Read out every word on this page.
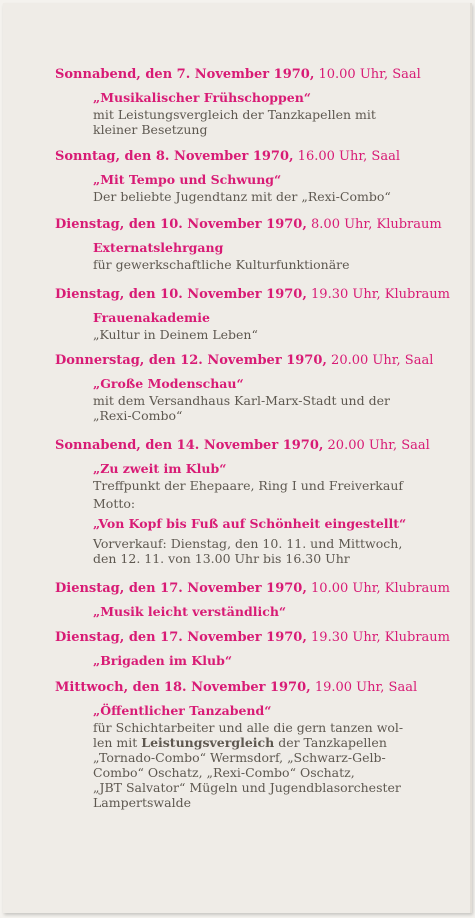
Sonnabend, den 7. November 1970, 10.00 Uhr, Saal
„Musikalischer Frühschoppen“
mit Leistungsvergleich der Tanzkapellen mit
kleiner Besetzung
Sonntag, den 8. November 1970, 16.00 Uhr, Saal
„Mit Tempo und Schwung“
Der beliebte Jugendtanz mit der „Rexi-Combo“
Dienstag, den 10. November 1970, 8.00 Uhr, Klubraum
Externatslehrgang
für gewerkschaftliche Kulturfunktionäre
Dienstag, den 10. November 1970, 19.30 Uhr, Klubraum
Frauenakademie
„Kultur in Deinem Leben“
Donnerstag, den 12. November 1970, 20.00 Uhr, Saal
„Große Modenschau“
mit dem Versandhaus Karl-Marx-Stadt und der
„Rexi-Combo“
Sonnabend, den 14. November 1970, 20.00 Uhr, Saal
„Zu zweit im Klub“
Treffpunkt der Ehepaare, Ring I und Freiverkauf
Motto:
„Von Kopf bis Fuß auf Schönheit eingestellt“
Vorverkauf: Dienstag, den 10. 11. und Mittwoch,
den 12. 11. von 13.00 Uhr bis 16.30 Uhr
Dienstag, den 17. November 1970, 10.00 Uhr, Klubraum
„Musik leicht verständlich“
Dienstag, den 17. November 1970, 19.30 Uhr, Klubraum
„Brigaden im Klub“
Mittwoch, den 18. November 1970, 19.00 Uhr, Saal
„Öffentlicher Tanzabend“
für Schichtarbeiter und alle die gern tanzen wol-
len mit Leistungsvergleich der Tanzkapellen
„Tornado-Combo“ Wermsdorf, „Schwarz-Gelb-
Combo“ Oschatz, „Rexi-Combo“ Oschatz,
„JBT Salvator“ Mügeln und Jugendblasorchester
Lampertswalde
